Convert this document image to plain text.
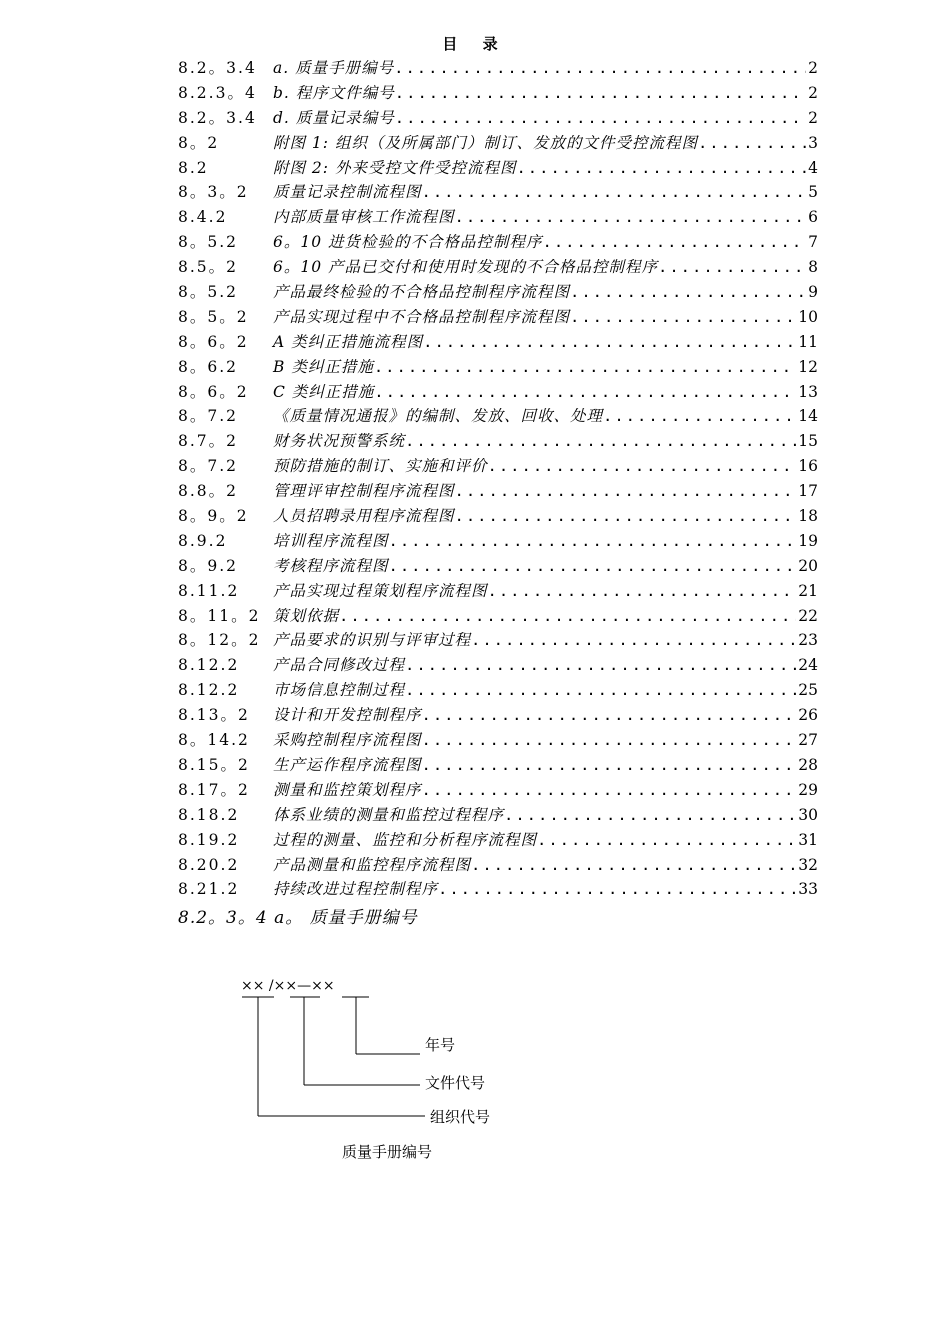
目 录
8.2。3.4	a. 质量手册编号 .....	2
8.2.3。4	b. 程序文件编号 .....	2
8.2。3.4	d. 质量记录编号 .....	2
8。2	附图 1: 组织（及所属部门）制订、发放的文件受控流程图 .....	3
8.2	附图 2: 外来受控文件受控流程图 .....	4
8。3。2	质量记录控制流程图 .....	5
8.4.2	内部质量审核工作流程图 .....	6
8。5.2	6。10 进货检验的不合格品控制程序 .....	7
8.5。2	6。10 产品已交付和使用时发现的不合格品控制程序 .....	8
8。5.2	产品最终检验的不合格品控制程序流程图 .....	9
8。5。2	产品实现过程中不合格品控制程序流程图 .....	10
8。6。2	A 类纠正措施流程图 .....	11
8。6.2	B 类纠正措施 .....	12
8。6。2	C 类纠正措施 .....	13
8。7.2	《质量情况通报》的编制、发放、回收、处理 .....	14
8.7。2	财务状况预警系统 .....	15
8。7.2	预防措施的制订、实施和评价 .....	16
8.8。2	管理评审控制程序流程图 .....	17
8。9。2	人员招聘录用程序流程图 .....	18
8.9.2	培训程序流程图 .....	19
8。9.2	考核程序流程图 .....	20
8.11.2	产品实现过程策划程序流程图 .....	21
8。11。2 策划依据 .....	22
8。12。2 产品要求的识别与评审过程 .....	23
8.12.2	产品合同修改过程 .....	24
8.12.2	市场信息控制过程 .....	25
8.13。2	设计和开发控制程序 .....	26
8。14.2	采购控制程序流程图 .....	27
8.15。2	生产运作程序流程图 .....	28
8.17。2	测量和监控策划程序 .....	29
8.18.2	体系业绩的测量和监控过程程序 .....	30
8.19.2	过程的测量、监控和分析程序流程图 .....	31
8.20.2	产品测量和监控程序流程图 .....	32
8.21.2	持续改进过程控制程序 .....	33
8.2。3。4 a。 质量手册编号
×× /××—××
年号
文件代号
组织代号
质量手册编号
